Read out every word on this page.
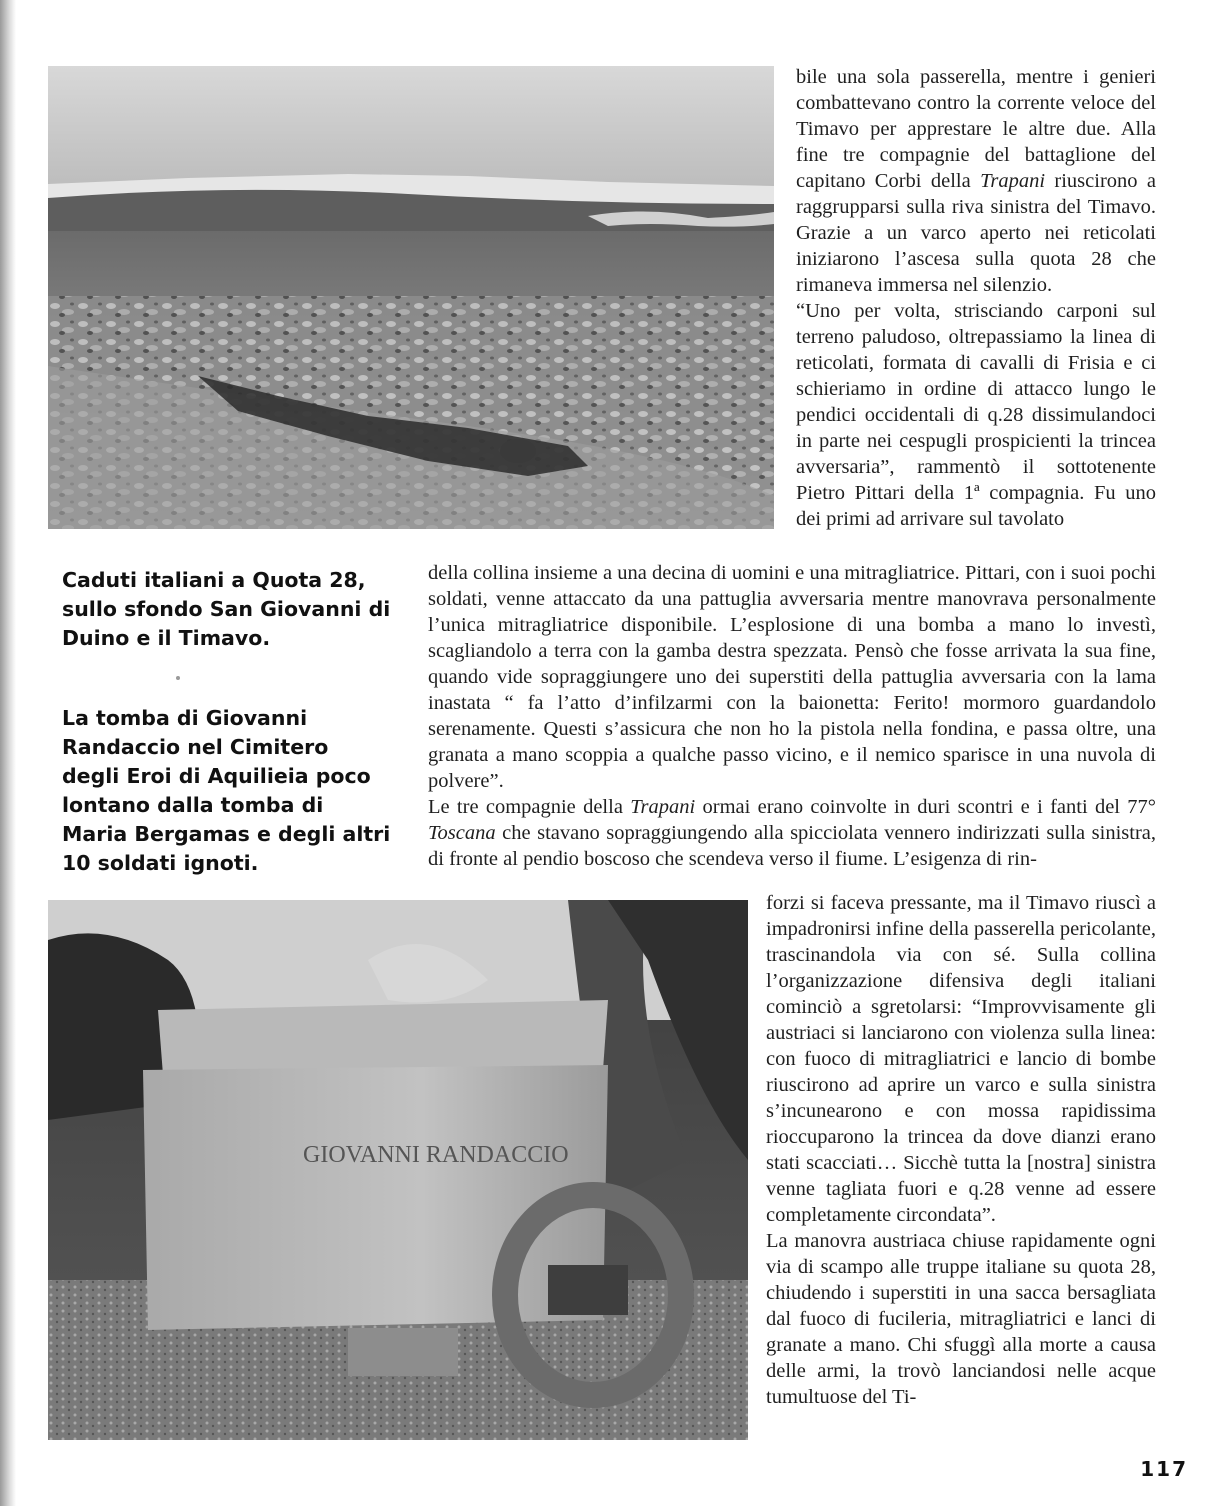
bile una sola passerella, mentre i genieri combattevano contro la corrente veloce del Timavo per apprestare le altre due. Alla fine tre compagnie del battaglione del capitano Corbi della Trapani riuscirono a raggrupparsi sulla riva sinistra del Timavo. Grazie a un varco aperto nei reticolati iniziarono l’ascesa sulla quota 28 che rimaneva immersa nel silenzio.

“Uno per volta, strisciando carponi sul terreno paludoso, oltrepassiamo la linea di reticolati, formata di cavalli di Frisia e ci schieriamo in ordine di attacco lungo le pendici occidentali di q.28 dissimulandoci in parte nei cespugli prospicienti la trincea avversaria”, rammentò il sottotenente Pietro Pittari della 1ª compagnia. Fu uno dei primi ad arrivare sul tavolato

Caduti italiani a Quota 28, sullo sfondo San Giovanni di Duino e il Timavo.

La tomba di Giovanni Randaccio nel Cimitero degli Eroi di Aquilieia poco lontano dalla tomba di Maria Bergamas e degli altri 10 soldati ignoti.

della collina insieme a una decina di uomini e una mitragliatrice. Pittari, con i suoi pochi soldati, venne attaccato da una pattuglia avversaria mentre manovrava personalmente l’unica mitragliatrice disponibile. L’esplosione di una bomba a mano lo investì, scagliandolo a terra con la gamba destra spezzata. Pensò che fosse arrivata la sua fine, quando vide sopraggiungere uno dei superstiti della pattuglia avversaria con la lama inastata “ fa l’atto d’infilzarmi con la baionetta: Ferito! mormoro guardandolo serenamente. Questi s’assicura che non ho la pistola nella fondina, e passa oltre, una granata a mano scoppia a qualche passo vicino, e il nemico sparisce in una nuvola di polvere”.

Le tre compagnie della Trapani ormai erano coinvolte in duri scontri e i fanti del 77° Toscana che stavano sopraggiungendo alla spicciolata vennero indirizzati sulla sinistra, di fronte al pendio boscoso che scendeva verso il fiume. L’esigenza di rin-

GIOVANNI RANDACCIO

forzi si faceva pressante, ma il Timavo riuscì a impadronirsi infine della passerella pericolante, trascinandola via con sé. Sulla collina l’organizzazione difensiva degli italiani cominciò a sgretolarsi: “Improvvisamente gli austriaci si lanciarono con violenza sulla linea: con fuoco di mitragliatrici e lancio di bombe riuscirono ad aprire un varco e sulla sinistra s’incunearono e con mossa rapidissima rioccuparono la trincea da dove dianzi erano stati scacciati… Sicchè tutta la [nostra] sinistra venne tagliata fuori e q.28 venne ad essere completamente circondata”.

La manovra austriaca chiuse rapidamente ogni via di scampo alle truppe italiane su quota 28, chiudendo i superstiti in una sacca bersagliata dal fuoco di fucileria, mitragliatrici e lanci di granate a mano. Chi sfuggì alla morte a causa delle armi, la trovò lanciandosi nelle acque tumultuose del Ti-

117
